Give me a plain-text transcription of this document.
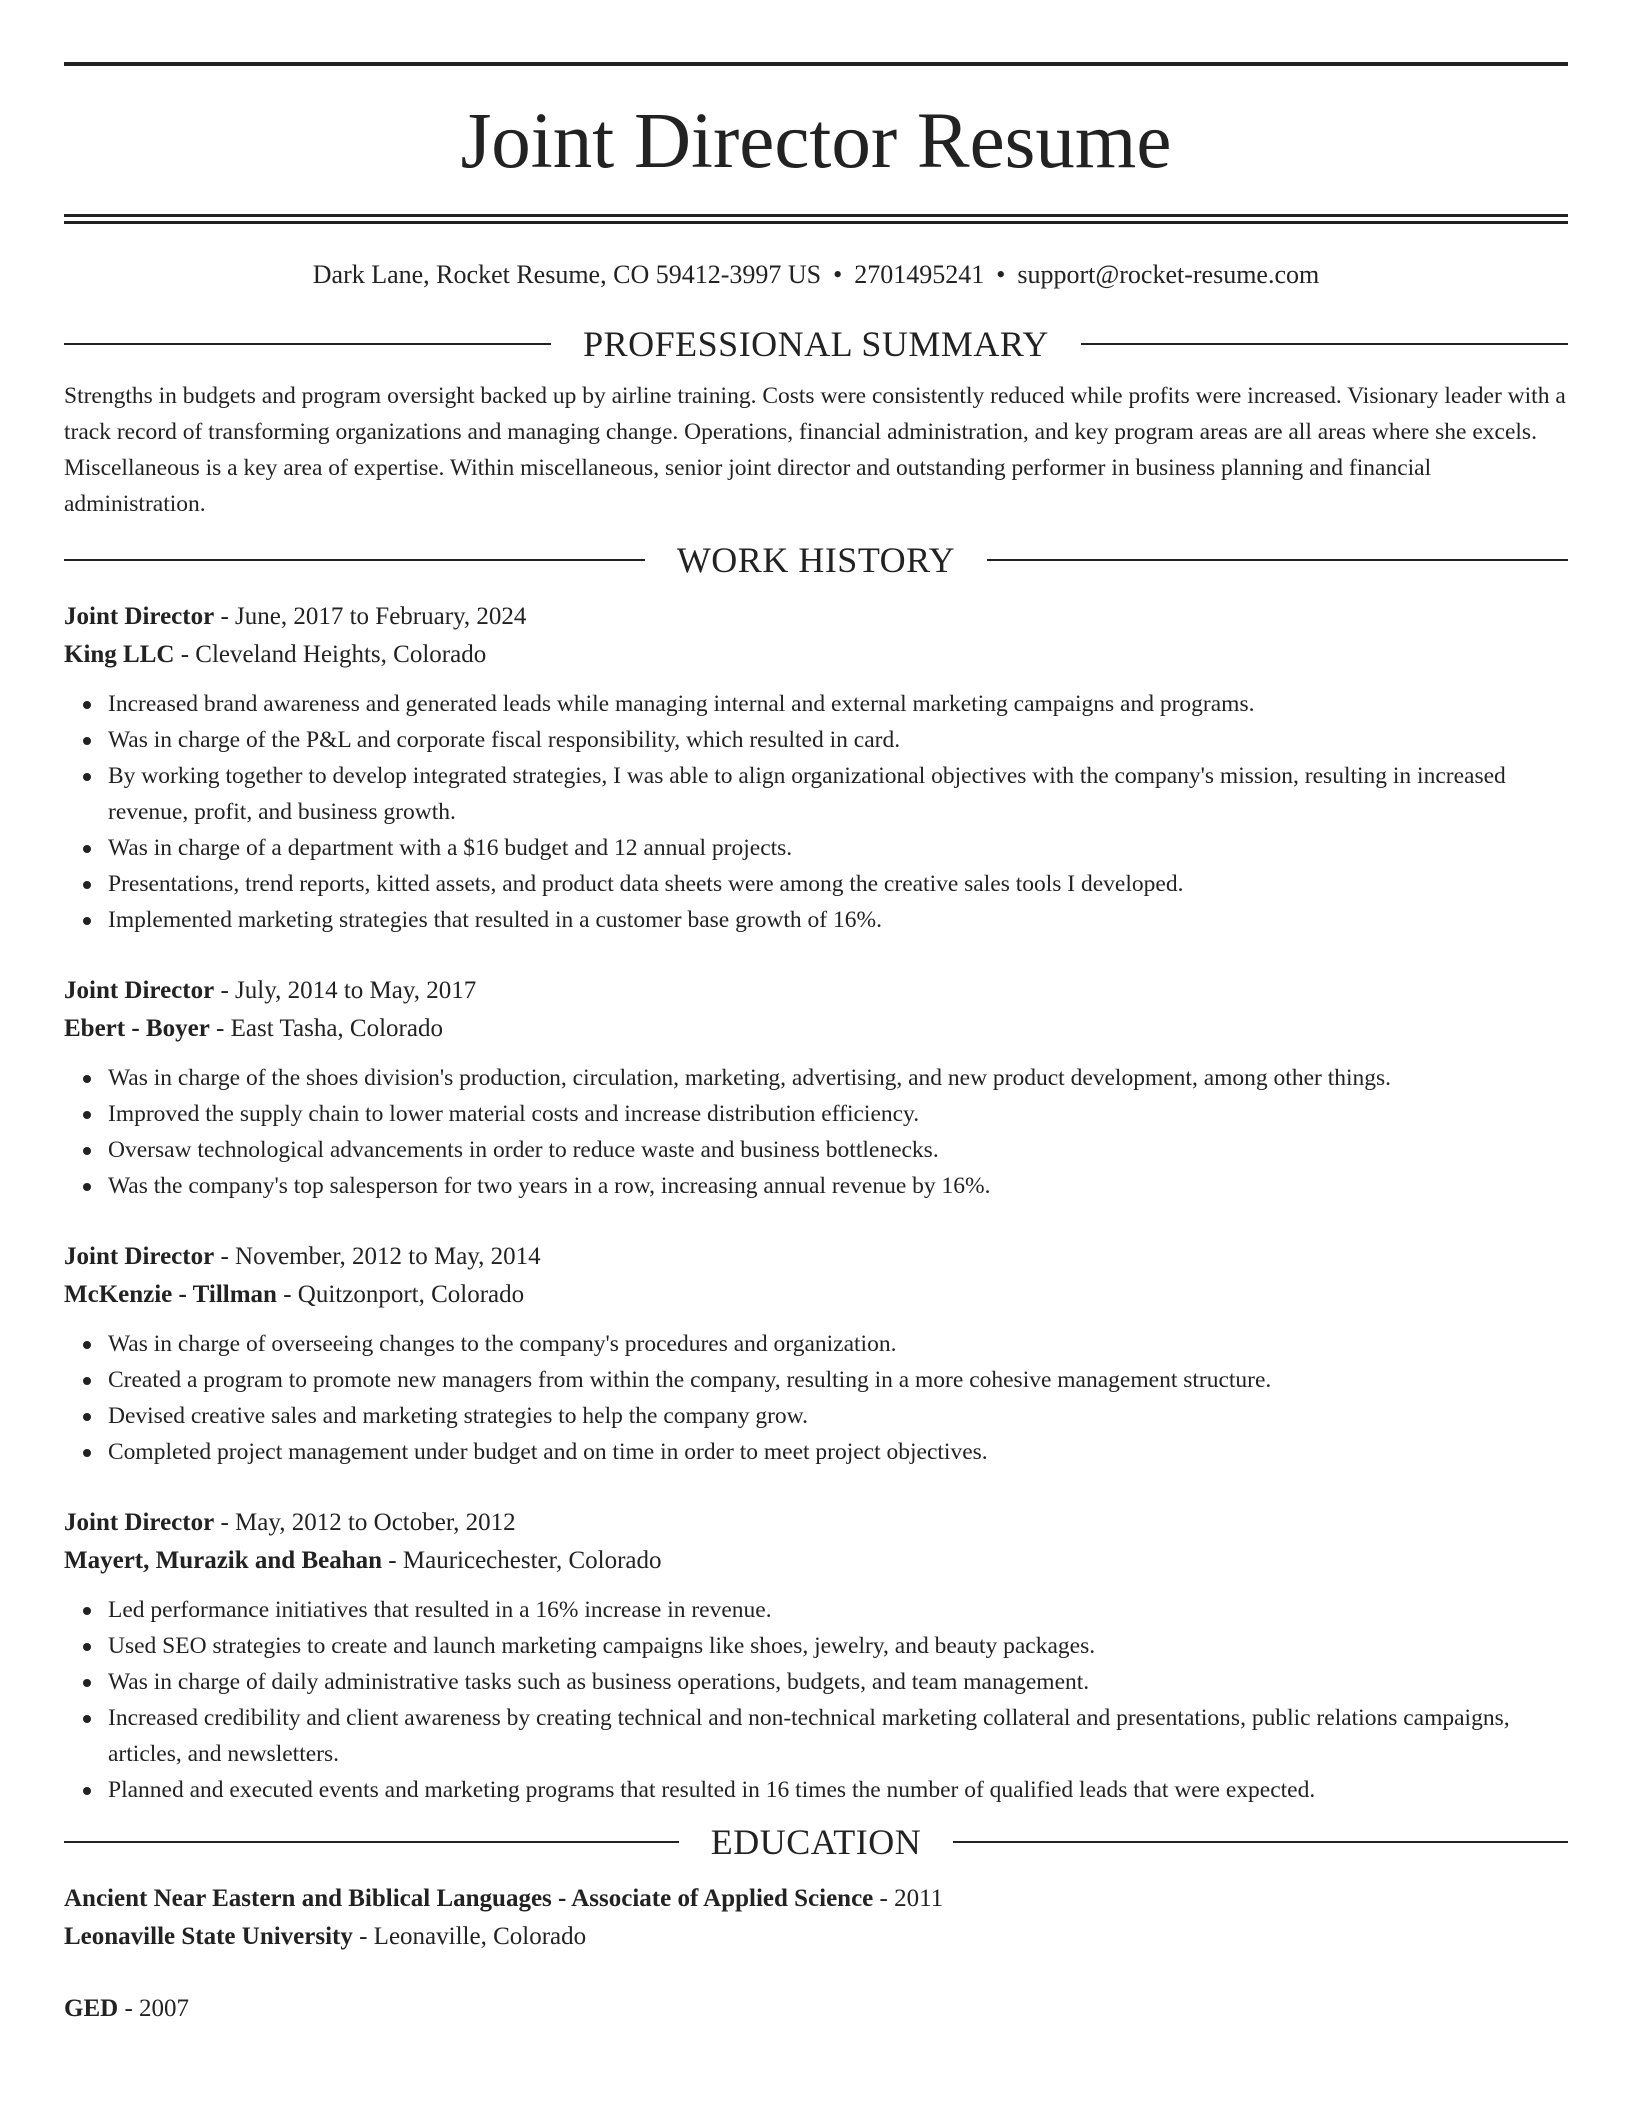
Joint Director Resume
Dark Lane, Rocket Resume, CO 59412-3997 US • 2701495241 • support@rocket-resume.com
PROFESSIONAL SUMMARY
Strengths in budgets and program oversight backed up by airline training. Costs were consistently reduced while profits were increased. Visionary leader with a track record of transforming organizations and managing change. Operations, financial administration, and key program areas are all areas where she excels. Miscellaneous is a key area of expertise. Within miscellaneous, senior joint director and outstanding performer in business planning and financial administration.
WORK HISTORY
Joint Director - June, 2017 to February, 2024
King LLC - Cleveland Heights, Colorado
Increased brand awareness and generated leads while managing internal and external marketing campaigns and programs.
Was in charge of the P&L and corporate fiscal responsibility, which resulted in card.
By working together to develop integrated strategies, I was able to align organizational objectives with the company's mission, resulting in increased revenue, profit, and business growth.
Was in charge of a department with a $16 budget and 12 annual projects.
Presentations, trend reports, kitted assets, and product data sheets were among the creative sales tools I developed.
Implemented marketing strategies that resulted in a customer base growth of 16%.
Joint Director - July, 2014 to May, 2017
Ebert - Boyer - East Tasha, Colorado
Was in charge of the shoes division's production, circulation, marketing, advertising, and new product development, among other things.
Improved the supply chain to lower material costs and increase distribution efficiency.
Oversaw technological advancements in order to reduce waste and business bottlenecks.
Was the company's top salesperson for two years in a row, increasing annual revenue by 16%.
Joint Director - November, 2012 to May, 2014
McKenzie - Tillman - Quitzonport, Colorado
Was in charge of overseeing changes to the company's procedures and organization.
Created a program to promote new managers from within the company, resulting in a more cohesive management structure.
Devised creative sales and marketing strategies to help the company grow.
Completed project management under budget and on time in order to meet project objectives.
Joint Director - May, 2012 to October, 2012
Mayert, Murazik and Beahan - Mauricechester, Colorado
Led performance initiatives that resulted in a 16% increase in revenue.
Used SEO strategies to create and launch marketing campaigns like shoes, jewelry, and beauty packages.
Was in charge of daily administrative tasks such as business operations, budgets, and team management.
Increased credibility and client awareness by creating technical and non-technical marketing collateral and presentations, public relations campaigns, articles, and newsletters.
Planned and executed events and marketing programs that resulted in 16 times the number of qualified leads that were expected.
EDUCATION
Ancient Near Eastern and Biblical Languages - Associate of Applied Science - 2011
Leonaville State University - Leonaville, Colorado
GED - 2007
